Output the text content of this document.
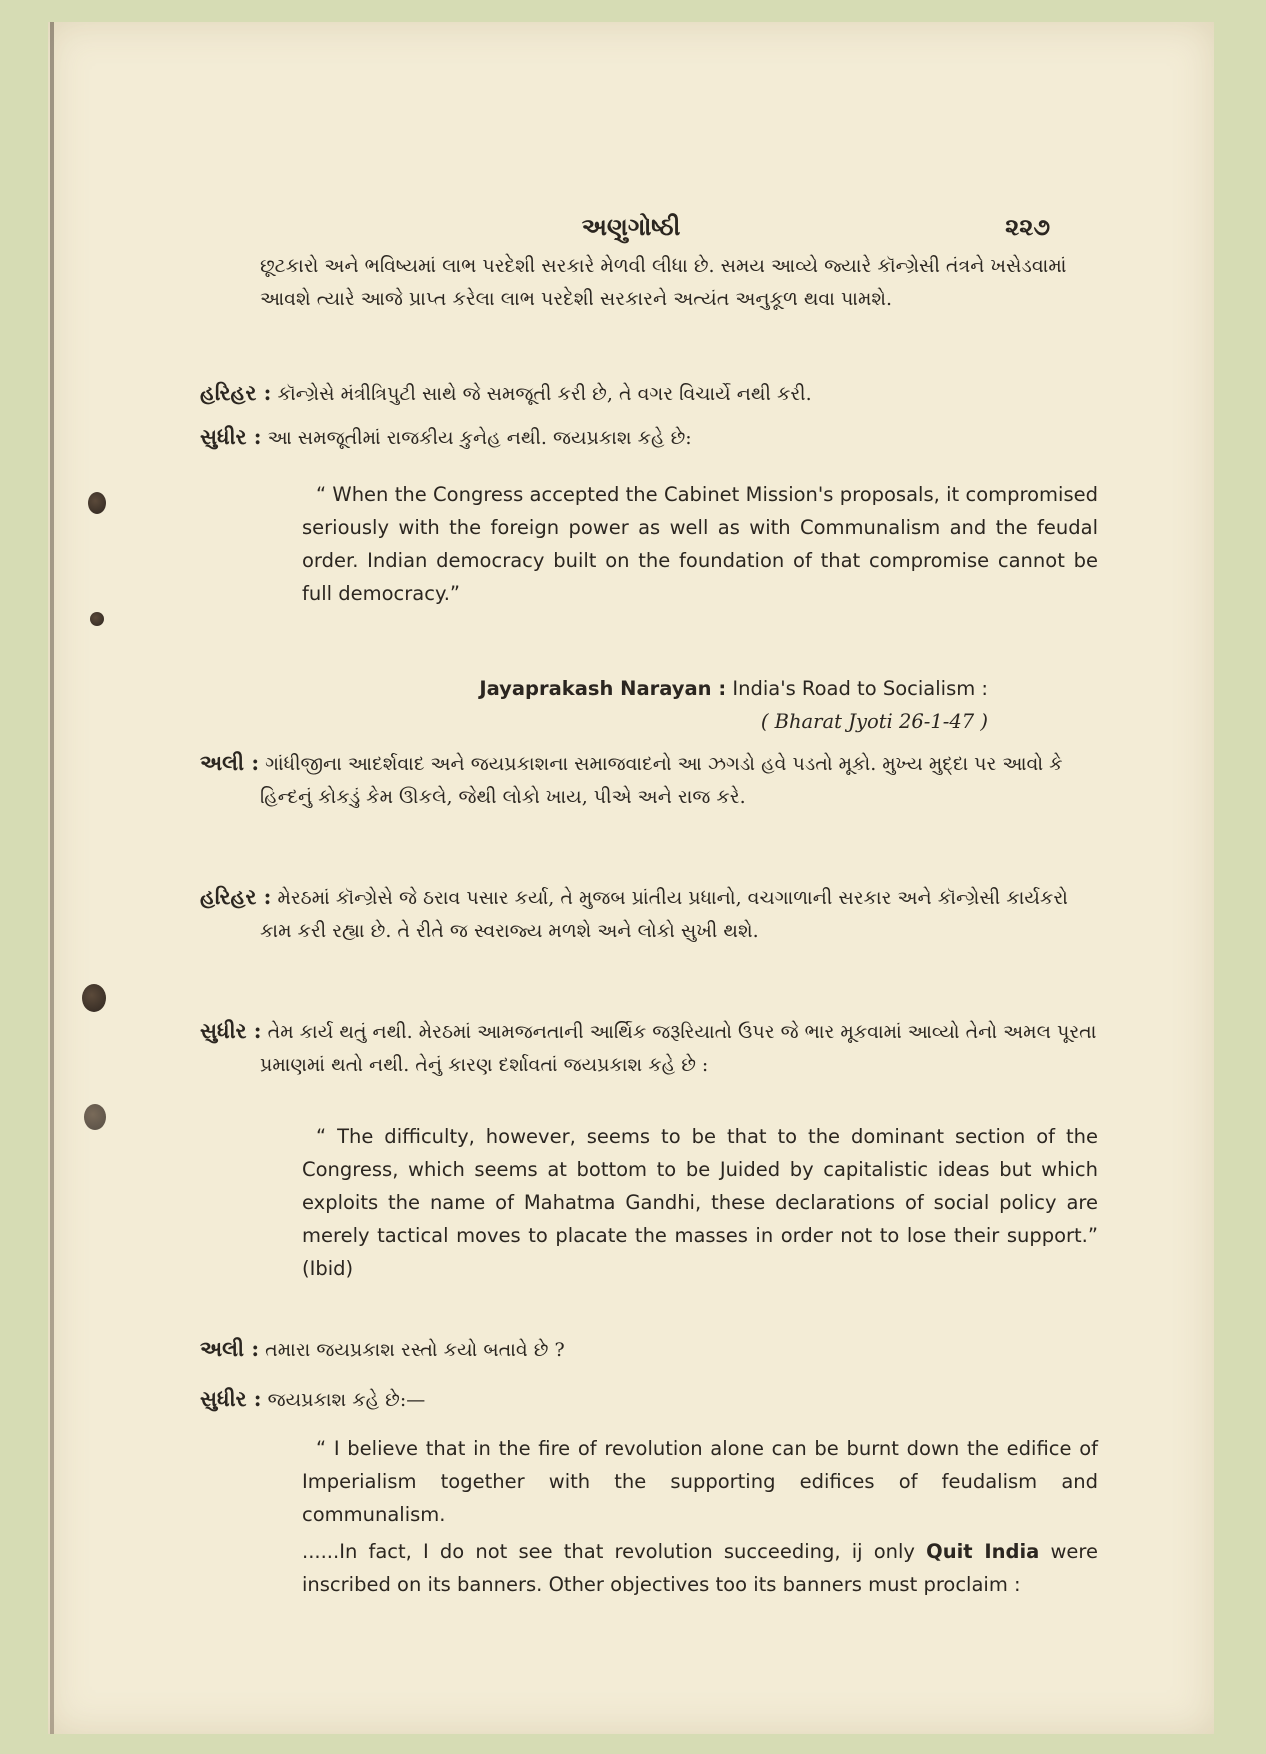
અણુગોષ્ઠી	૨૨૭
છૂટકારો અને ભવિષ્યમાં લાભ પરદેશી સરકારે મેળવી લીધા છે. સમય આવ્યે જ્યારે કૉન્ગ્રેસી તંત્રને ખસેડવામાં આવશે ત્યારે આજે પ્રાપ્ત કરેલા લાભ પરદેશી સરકારને અત્યંત અનુકૂળ થવા પામશે.
હરિહર : કૉન્ગ્રેસે મંત્રીત્રિપુટી સાથે જે સમજૂતી કરી છે, તે વગર વિચાર્યે નથી કરી.
સુધીર : આ સમજૂતીમાં રાજકીય કુનેહ નથી. જયપ્રકાશ કહે છે:

“ When the Congress accepted the Cabinet Mission's proposals, it compromised seriously with the foreign power as well as with Communalism and the feudal order. Indian democracy built on the foundation of that compromise cannot be full democracy.”

Jayaprakash Narayan : India's Road to Socialism :
( Bharat Jyoti 26-1-47 )
અલી : ગાંધીજીના આદર્શવાદ અને જયપ્રકાશના સમાજવાદનો આ ઝગડો હવે પડતો મૂકો. મુખ્ય મુદ્દા પર આવો કે હિન્દનું કોકડું કેમ ઊકલે, જેથી લોકો ખાય, પીએ અને રાજ કરે.
હરિહર : મેરઠમાં કૉન્ગ્રેસે જે ઠરાવ પસાર કર્યા, તે મુજબ પ્રાંતીય પ્રધાનો, વચગાળાની સરકાર અને કૉન્ગ્રેસી કાર્યકરો કામ કરી રહ્યા છે. તે રીતે જ સ્વરાજ્ય મળશે અને લોકો સુખી થશે.
સુધીર : તેમ કાર્ય થતું નથી. મેરઠમાં આમજનતાની આર્થિક જરૂરિયાતો ઉપર જે ભાર મૂકવામાં આવ્યો તેનો અમલ પૂરતા પ્રમાણમાં થતો નથી. તેનું કારણ દર્શાવતાં જયપ્રકાશ કહે છે :

“ The difficulty, however, seems to be that to the dominant section of the Congress, which seems at bottom to be Juided by capitalistic ideas but which exploits the name of Mahatma Gandhi, these declarations of social policy are merely tactical moves to placate the masses in order not to lose their support.” (Ibid)

અલી : તમારા જયપ્રકાશ રસ્તો કયો બતાવે છે ?
સુધીર : જયપ્રકાશ કહે છે:—

“ I believe that in the fire of revolution alone can be burnt down the edifice of Imperialism together with the supporting edifices of feudalism and communalism.

......In fact, I do not see that revolution succeeding, ij only Quit India were inscribed on its banners. Other objectives too its banners must proclaim :
